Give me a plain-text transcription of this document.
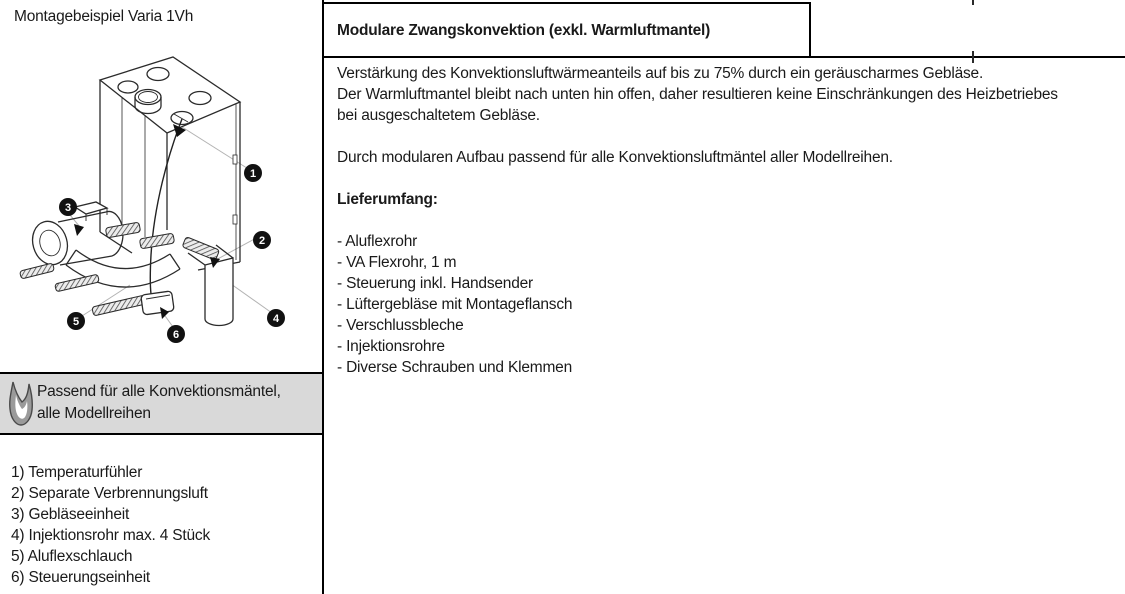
Montagebeispiel Varia 1Vh
1
2
3
4
5
6
Passend für alle Konvektionsmäntel,
alle Modellreihen
1) Temperaturfühler
2) Separate Verbrennungsluft
3) Gebläseeinheit
4) Injektionsrohr max. 4 Stück
5) Aluflexschlauch
6) Steuerungseinheit
Modulare Zwangskonvektion (exkl. Warmluftmantel)
Verstärkung des Konvektionsluftwärmeanteils auf bis zu 75% durch ein geräuscharmes Gebläse.
Der Warmluftmantel bleibt nach unten hin offen, daher resultieren keine Einschränkungen des Heizbetriebes
bei ausgeschaltetem Gebläse.
Durch modularen Aufbau passend für alle Konvektionsluftmäntel aller Modellreihen.
Lieferumfang:
- Aluflexrohr
- VA Flexrohr, 1 m
- Steuerung inkl. Handsender
- Lüftergebläse mit Montageflansch
- Verschlussbleche
- Injektionsrohre
- Diverse Schrauben und Klemmen
